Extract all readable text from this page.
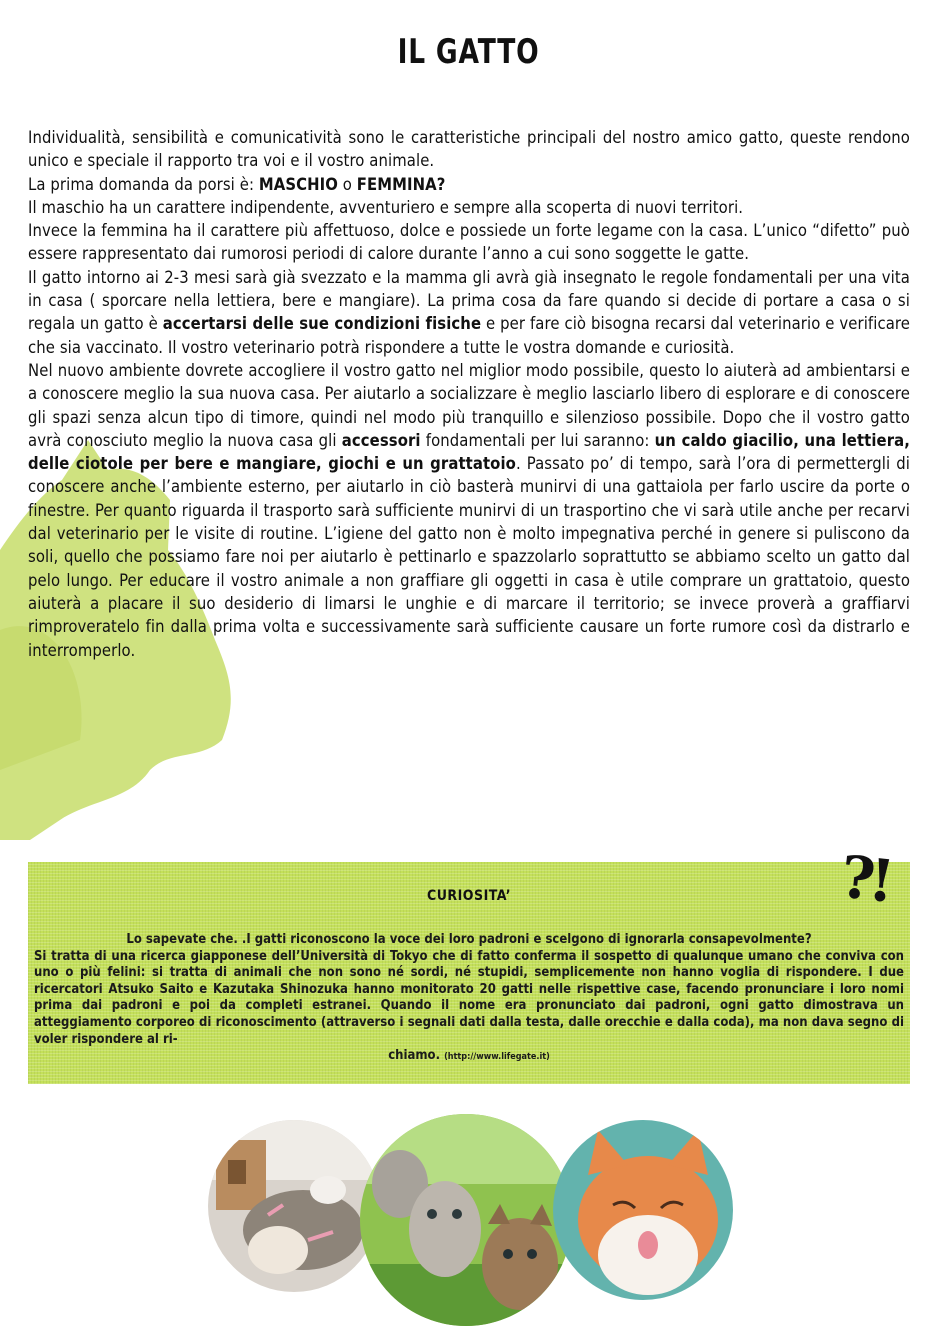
IL GATTO

Individualità, sensibilità e comunicatività sono le caratteristiche principali del nostro amico gatto, queste rendono unico e speciale il rapporto tra voi e il vostro animale.

La prima domanda da porsi è: MASCHIO o FEMMINA?

Il maschio ha un carattere indipendente, avventuriero e sempre alla scoperta di nuovi territori.

Invece la femmina ha il carattere più affettuoso, dolce e possiede un forte legame con la casa. L’unico “difetto” può essere rappresentato dai rumorosi periodi di calore durante l’anno a cui sono soggette le gatte.

Il gatto intorno ai 2-3 mesi sarà già svezzato e la mamma gli avrà già insegnato le regole fondamentali per una vita in casa ( sporcare nella lettiera, bere e mangiare). La prima cosa da fare quando si decide di portare a casa o si regala un gatto è accertarsi delle sue condizioni fisiche e per fare ciò bisogna recarsi dal veterinario e verificare che sia vaccinato. Il vostro veterinario potrà rispondere a tutte le vostra domande e curiosità.

Nel nuovo ambiente dovrete accogliere il vostro gatto nel miglior modo possibile, questo lo aiuterà ad ambientarsi e a conoscere meglio la sua nuova casa. Per aiutarlo a socializzare è meglio lasciarlo libero di esplorare e di conoscere gli spazi senza alcun tipo di timore, quindi nel modo più tranquillo e silenzioso possibile. Dopo che il vostro gatto avrà conosciuto meglio la nuova casa gli accessori fondamentali per lui saranno: un caldo giacilio, una lettiera, delle ciotole per bere e mangiare, giochi e un grattatoio. Passato po’ di tempo, sarà l’ora di permettergli di conoscere anche l’ambiente esterno, per aiutarlo in ciò basterà munirvi di una gattaiola per farlo uscire da porte o finestre. Per quanto riguarda il trasporto sarà sufficiente munirvi di un trasportino che vi sarà utile anche per recarvi dal veterinario per le visite di routine. L’igiene del gatto non è molto impegnativa perché in genere si puliscono da soli, quello che possiamo fare noi per aiutarlo è pettinarlo e spazzolarlo soprattutto se abbiamo scelto un gatto dal pelo lungo. Per educare il vostro animale a non graffiare gli oggetti in casa è utile comprare un grattatoio, questo aiuterà a placare il suo desiderio di limarsi le unghie e di marcare il territorio; se invece proverà a graffiarvi rimproveratelo fin dalla prima volta e successivamente sarà sufficiente causare un forte rumore così da distrarlo e interromperlo.

CURIOSITA’	?!
Lo sapevate che. .I gatti riconoscono la voce dei loro padroni e scelgono di ignorarla consapevolmente?
Si tratta di una ricerca giapponese dell’Università di Tokyo che di fatto conferma il sospetto di qualunque umano che conviva con uno o più felini: si tratta di animali che non sono né sordi, né stupidi, semplicemente non hanno voglia di rispondere. I due ricercatori Atsuko Saito e Kazutaka Shinozuka hanno monitorato 20 gatti nelle rispettive case, facendo pronunciare i loro nomi prima dai padroni e poi da completi estranei. Quando il nome era pronunciato dai padroni, ogni gatto dimostrava un atteggiamento corporeo di riconoscimento (attraverso i segnali dati dalla testa, dalle orecchie e dalla coda), ma non dava segno di voler rispondere al ri-
chiamo. (http://www.lifegate.it)
